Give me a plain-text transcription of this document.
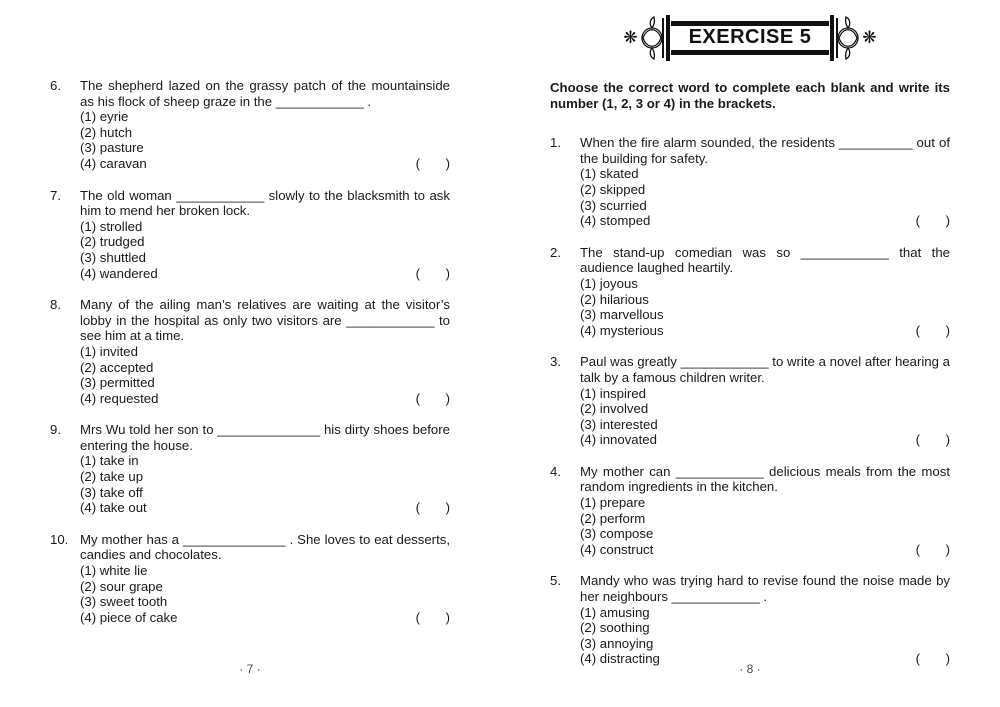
6.	The shepherd lazed on the grassy patch of the mountainside as his flock of sheep graze in the ____________ .

(1) eyrie
(2) hutch
(3) pasture
(4) caravan	(       )
7.	The old woman ____________ slowly to the blacksmith to ask him to mend her broken lock.

(1) strolled
(2) trudged
(3) shuttled
(4) wandered	(       )
8.	Many of the ailing man’s relatives are waiting at the visitor’s lobby in the hospital as only two visitors are ____________ to see him at a time.

(1) invited
(2) accepted
(3) permitted
(4) requested	(       )
9.	Mrs Wu told her son to ______________ his dirty shoes before entering the house.

(1) take in
(2) take up
(3) take off
(4) take out	(       )
10. My mother has a ______________ . She loves to eat desserts, candies and chocolates.

(1) white lie
(2) sour grape
(3) sweet tooth
(4) piece of cake	(       )
❋	EXERCISE 5	❋

Choose the correct word to complete each blank and write its number (1, 2, 3 or 4) in the brackets.

1.	When the fire alarm sounded, the residents __________ out of the building for safety.

(1) skated
(2) skipped
(3) scurried
(4) stomped	(       )
2.	The stand-up comedian was so ____________ that the audience laughed heartily.

(1) joyous
(2) hilarious
(3) marvellous
(4) mysterious	(       )
3.	Paul was greatly ____________ to write a novel after hearing a talk by a famous children writer.

(1) inspired
(2) involved
(3) interested
(4) innovated	(       )
4.	My mother can ____________ delicious meals from the most random ingredients in the kitchen.

(1) prepare
(2) perform
(3) compose
(4) construct	(       )
5.	Mandy who was trying hard to revise found the noise made by her neighbours ____________ .

(1) amusing
(2) soothing
(3) annoying
(4) distracting	(       )
· 7 ·	· 8 ·
